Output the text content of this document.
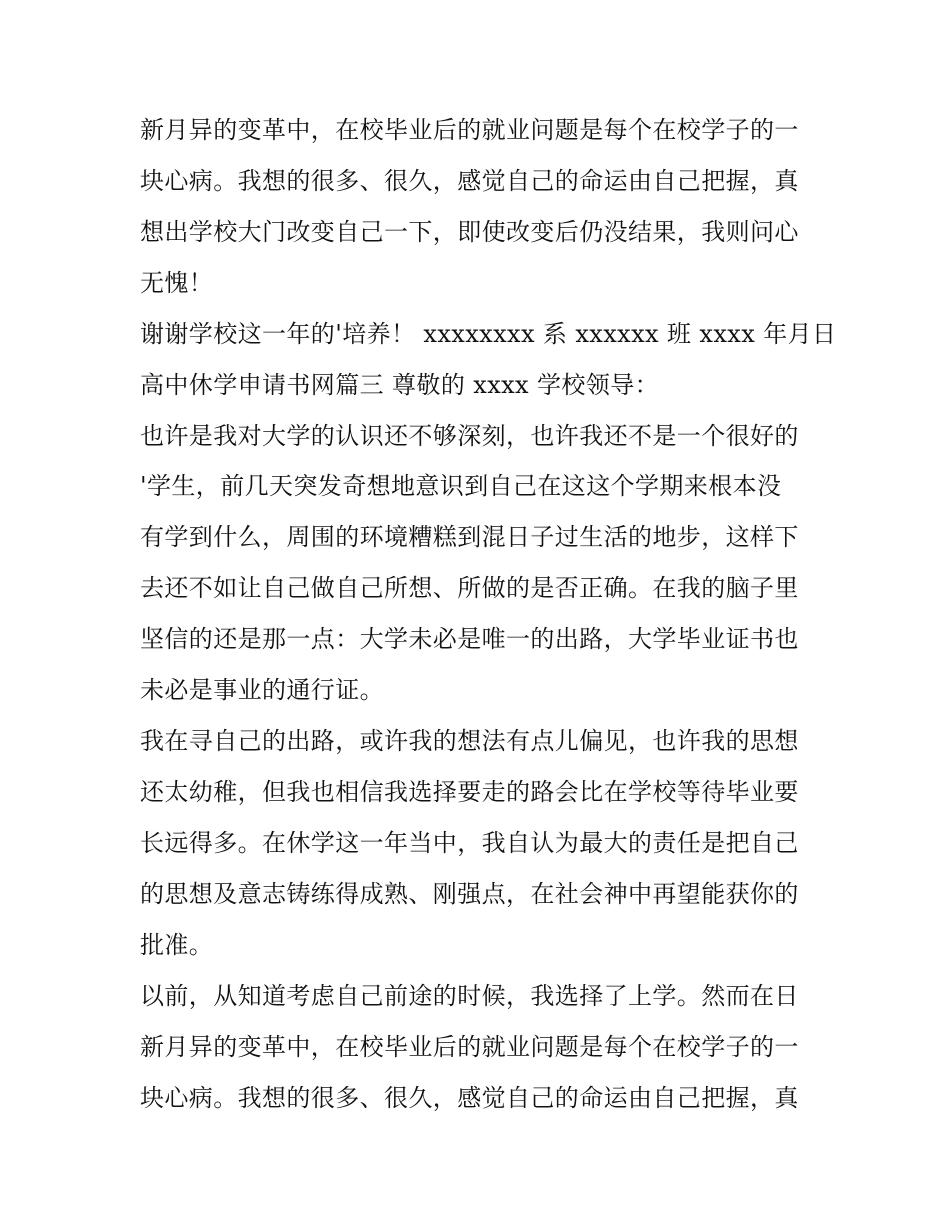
新月异的变革中，在校毕业后的就业问题是每个在校学子的一
块心病。我想的很多、很久，感觉自己的命运由自己把握，真
想出学校大门改变自己一下，即使改变后仍没结果，我则问心
无愧！
谢谢学校这一年的'培养！ xxxxxxxx 系 xxxxxx 班 xxxx 年月日
高中休学申请书网篇三 尊敬的 xxxx 学校领导：
也许是我对大学的认识还不够深刻，也许我还不是一个很好的
'学生，前几天突发奇想地意识到自己在这这个学期来根本没
有学到什么，周围的环境糟糕到混日子过生活的地步，这样下
去还不如让自己做自己所想、所做的是否正确。在我的脑子里
坚信的还是那一点：大学未必是唯一的出路，大学毕业证书也
未必是事业的通行证。
我在寻自己的出路，或许我的想法有点儿偏见，也许我的思想
还太幼稚，但我也相信我选择要走的路会比在学校等待毕业要
长远得多。在休学这一年当中，我自认为最大的责任是把自己
的思想及意志铸练得成熟、刚强点，在社会神中再望能获你的
批准。
以前，从知道考虑自己前途的时候，我选择了上学。然而在日
新月异的变革中，在校毕业后的就业问题是每个在校学子的一
块心病。我想的很多、很久，感觉自己的命运由自己把握，真
